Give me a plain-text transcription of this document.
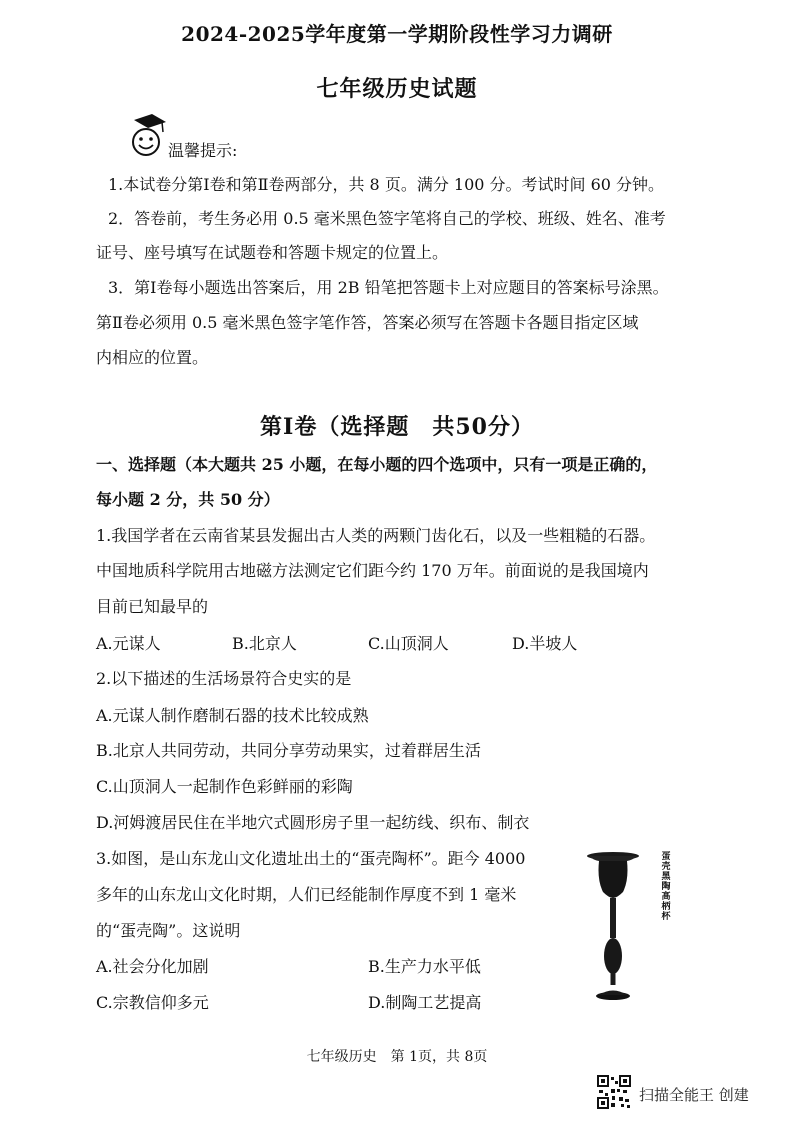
2024-2025学年度第一学期阶段性学习力调研
七年级历史试题
温馨提示:
1.本试卷分第Ⅰ卷和第Ⅱ卷两部分，共 8 页。满分 100 分。考试时间 60 分钟。
2．答卷前，考生务必用 0.5 毫米黑色签字笔将自己的学校、班级、姓名、准考
证号、座号填写在试题卷和答题卡规定的位置上。
3．第Ⅰ卷每小题选出答案后，用 2B 铅笔把答题卡上对应题目的答案标号涂黑。
第Ⅱ卷必须用 0.5 毫米黑色签字笔作答，答案必须写在答题卡各题目指定区域
内相应的位置。
第Ⅰ卷（选择题　共50分）
一、选择题（本大题共 25 小题，在每小题的四个选项中，只有一项是正确的，
每小题 2 分，共 50 分）
1.我国学者在云南省某县发掘出古人类的两颗门齿化石，以及一些粗糙的石器。
中国地质科学院用古地磁方法测定它们距今约 170 万年。前面说的是我国境内
目前已知最早的
A.元谋人	B.北京人	C.山顶洞人	D.半坡人
2.以下描述的生活场景符合史实的是
A.元谋人制作磨制石器的技术比较成熟
B.北京人共同劳动，共同分享劳动果实，过着群居生活
C.山顶洞人一起制作色彩鲜丽的彩陶
D.河姆渡居民住在半地穴式圆形房子里一起纺线、织布、制衣
3.如图，是山东龙山文化遗址出土的“蛋壳陶杯”。距今 4000
多年的山东龙山文化时期，人们已经能制作厚度不到 1 毫米
的“蛋壳陶”。这说明
A.社会分化加剧	B.生产力水平低
C.宗教信仰多元	D.制陶工艺提高
蛋壳黑陶高柄杯
七年级历史　第 1页，共 8页
扫描全能王 创建
